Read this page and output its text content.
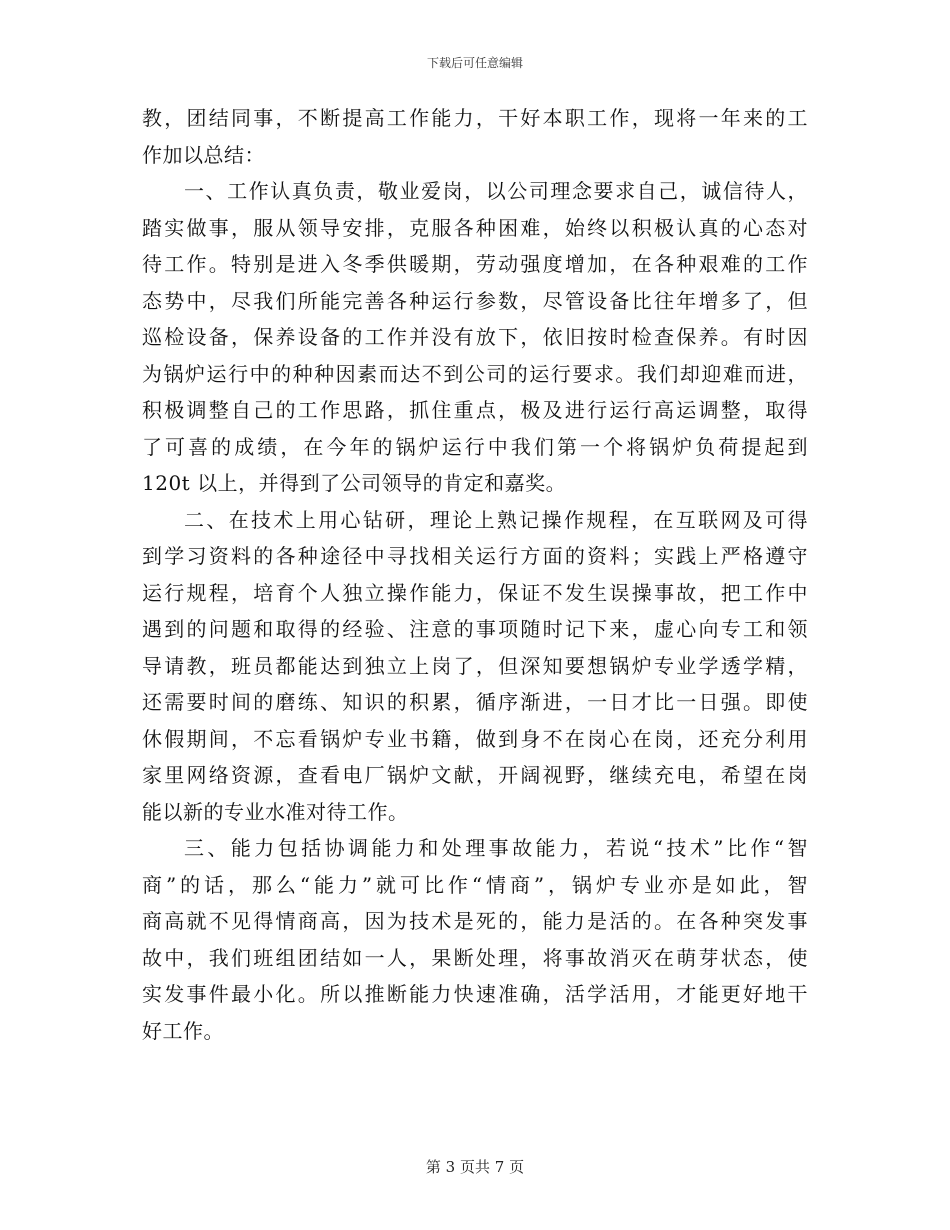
下载后可任意编辑
教，团结同事，不断提高工作能力，干好本职工作，现将一年来的工
作加以总结：
一、工作认真负责，敬业爱岗，以公司理念要求自己，诚信待人，
踏实做事，服从领导安排，克服各种困难，始终以积极认真的心态对
待工作。特别是进入冬季供暖期，劳动强度增加，在各种艰难的工作
态势中，尽我们所能完善各种运行参数，尽管设备比往年增多了，但
巡检设备，保养设备的工作并没有放下，依旧按时检查保养。有时因
为锅炉运行中的种种因素而达不到公司的运行要求。我们却迎难而进，
积极调整自己的工作思路，抓住重点，极及进行运行高运调整，取得
了可喜的成绩，在今年的锅炉运行中我们第一个将锅炉负荷提起到
120t 以上，并得到了公司领导的肯定和嘉奖。
二、在技术上用心钻研，理论上熟记操作规程，在互联网及可得
到学习资料的各种途径中寻找相关运行方面的资料；实践上严格遵守
运行规程，培育个人独立操作能力，保证不发生误操事故，把工作中
遇到的问题和取得的经验、注意的事项随时记下来，虚心向专工和领
导请教，班员都能达到独立上岗了，但深知要想锅炉专业学透学精，
还需要时间的磨练、知识的积累，循序渐进，一日才比一日强。即使
休假期间，不忘看锅炉专业书籍，做到身不在岗心在岗，还充分利用
家里网络资源，查看电厂锅炉文献，开阔视野，继续充电，希望在岗
能以新的专业水准对待工作。
三、能力包括协调能力和处理事故能力，若说“技术”比作“智
商”的话，那么“能力”就可比作“情商”，锅炉专业亦是如此，智
商高就不见得情商高，因为技术是死的，能力是活的。在各种突发事
故中，我们班组团结如一人，果断处理，将事故消灭在萌芽状态，使
实发事件最小化。所以推断能力快速准确，活学活用，才能更好地干
好工作。
第 3 页共 7 页
